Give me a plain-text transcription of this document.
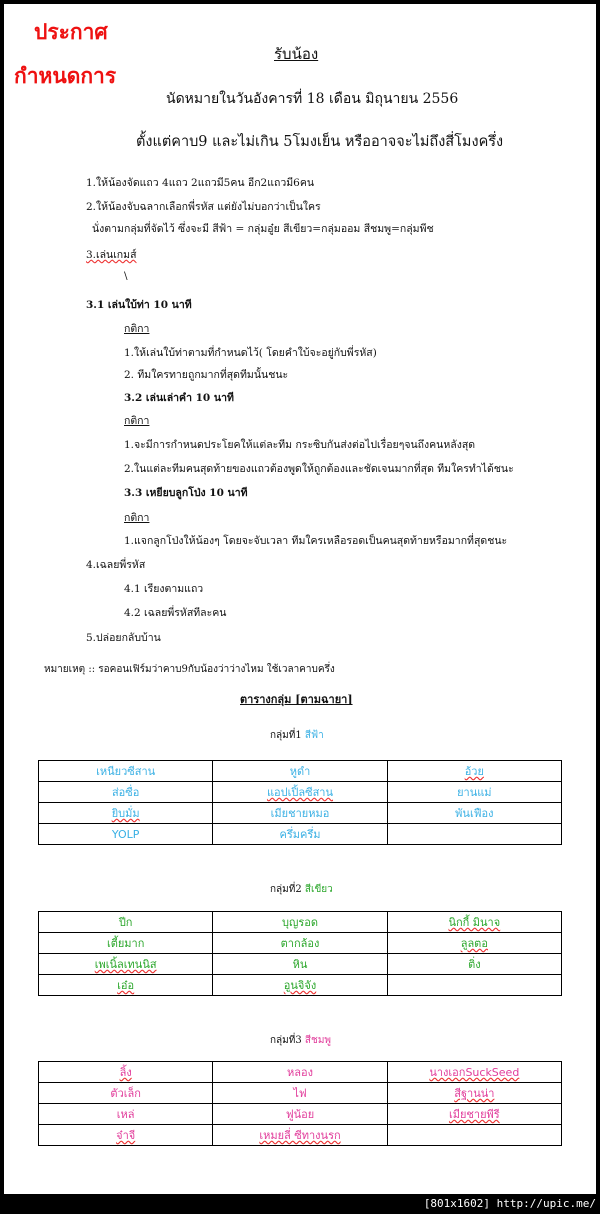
ประกาศ
กำหนดการ
รับน้อง
นัดหมายในวันอังคารที่ 18 เดือน มิถุนายน 2556
ตั้งแต่คาบ9 และไม่เกิน 5โมงเย็น หรืออาจจะไม่ถึงสี่โมงครึ่ง
1.ให้น้องจัดแถว 4แถว 2แถวมี5คน อีก2แถวมี6คน
2.ให้น้องจับฉลากเลือกพี่รหัส แต่ยังไม่บอกว่าเป็นใคร
นั่งตามกลุ่มที่จัดไว้ ซึ่งจะมี สีฟ้า = กลุ่มอู๋ย สีเขียว=กลุ่มออม สีชมพู=กลุ่มพีช
3.เล่นเกมส์
\
3.1 เล่นใบ้ท่า 10 นาที
กติกา
1.ให้เล่นใบ้ท่าตามที่กำหนดไว้( โดยคำใบ้จะอยู่กับพี่รหัส)
2. ทีมใครทายถูกมากที่สุดทีมนั้นชนะ
3.2 เล่นเล่าคำ 10 นาที
กติกา
1.จะมีการกำหนดประโยคให้แต่ละทีม กระซิบกันส่งต่อไปเรื่อยๆจนถึงคนหลังสุด
2.ในแต่ละทีมคนสุดท้ายของแถวต้องพูดให้ถูกต้องและชัดเจนมากที่สุด ทีมใครทำได้ชนะ
3.3 เหยียบลูกโป่ง 10 นาที
กติกา
1.แจกลูกโป่งให้น้องๆ โดยจะจับเวลา ทีมใครเหลือรอดเป็นคนสุดท้ายหรือมากที่สุดชนะ
4.เฉลยพี่รหัส
4.1 เรียงตามแถว
4.2 เฉลยพี่รหัสทีละคน
5.ปล่อยกลับบ้าน
หมายเหตุ :: รอคอนเฟิร์มว่าคาบ9กับน้องว่าว่างไหม ใช้เวลาคาบครึ่ง
ตารางกลุ่ม [ตามฉายา]
กลุ่มที่1 สีฟ้า
เหนียวซีสาน	หูดำ	อ้วย
ส่อซื่อ	แอปเปิ้ลซีสาน	ยานแม่
ยิบมั่ม	เมียชายหมอ	พันเฟือง
YOLP	ครึ่มครึ่ม	
กลุ่มที่2 สีเขียว
ปีก	บุญรอด	นิกกี้ มินาจ
เตี้ยมาก	ตากล้อง	ลูลตอ
เพเนิ้ลเทนนิส	หิน	ติ่ง
เอ๋อ	อูนจิจัง	
กลุ่มที่3 สีชมพู
ลิ้ง	หลอง	นางเอกSuckSeed
ตัวเล็ก	ไฟ	สีฐานน่า
เหล่	ฟูน้อย	เมียชายพีรี
จ๋าจี	เหมยลี่ ซีทางนรก	
[801x1602] http://upic.me/
